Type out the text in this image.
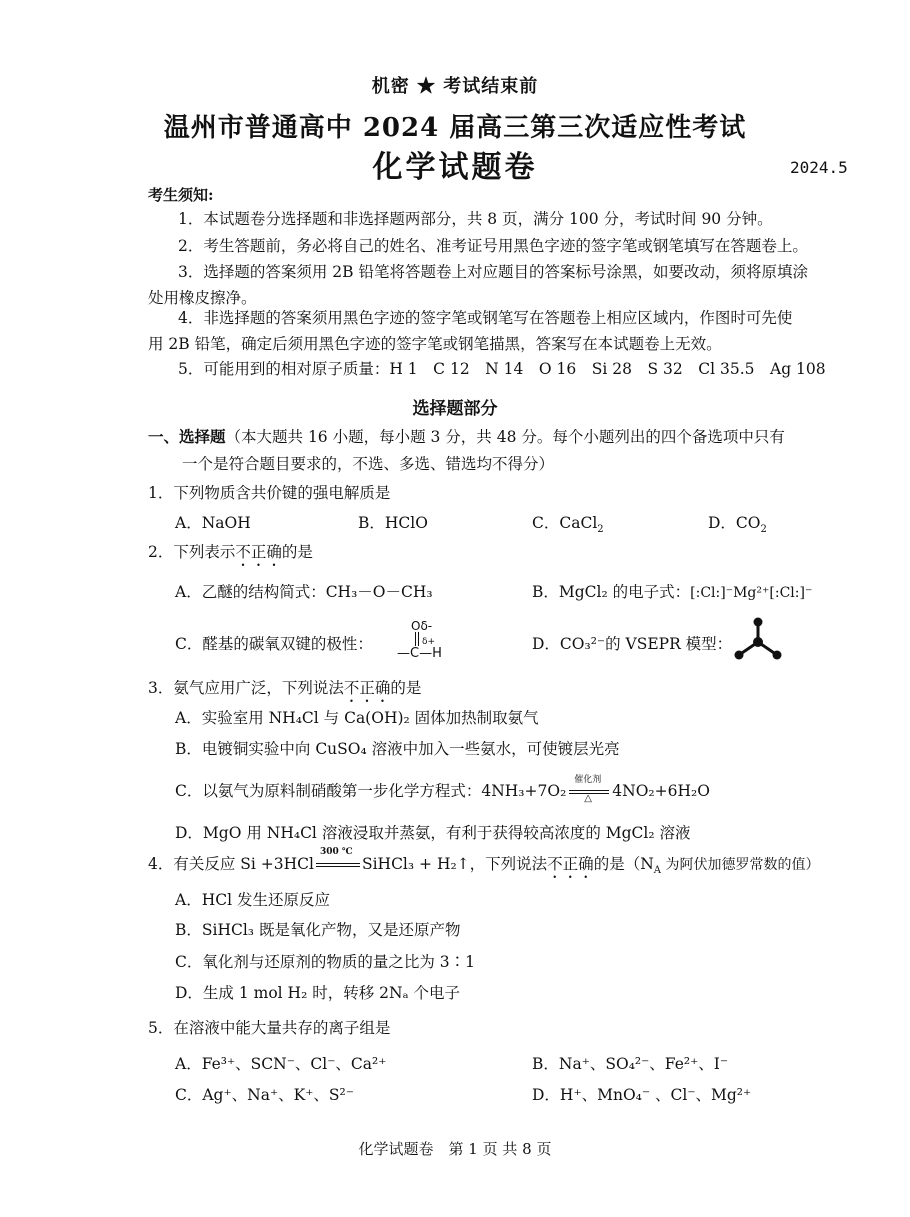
机密 ★ 考试结束前
温州市普通高中 2024 届高三第三次适应性考试
化学试题卷	2024.5
考生须知:
1．本试题卷分选择题和非选择题两部分，共 8 页，满分 100 分，考试时间 90 分钟。
2．考生答题前，务必将自己的姓名、准考证号用黑色字迹的签字笔或钢笔填写在答题卷上。
3．选择题的答案须用 2B 铅笔将答题卷上对应题目的答案标号涂黑，如要改动，须将原填涂
处用橡皮擦净。
4．非选择题的答案须用黑色字迹的签字笔或钢笔写在答题卷上相应区域内，作图时可先使
用 2B 铅笔，确定后须用黑色字迹的签字笔或钢笔描黑，答案写在本试题卷上无效。
5．可能用到的相对原子质量：H 1　C 12　N 14　O 16　Si 28　S 32　Cl 35.5　Ag 108
选择题部分
一、选择题（本大题共 16 小题，每小题 3 分，共 48 分。每个小题列出的四个备选项中只有
一个是符合题目要求的，不选、多选、错选均不得分）
1．下列物质含共价键的强电解质是
A．NaOH	B．HClO	C．CaCl$_2$	D．$CO_2$
2．下列表示不正确的是
A．乙醚的结构简式：CH₃－O－CH₃	B．MgCl₂ 的电子式：[:Cl:]⁻Mg²⁺[:Cl:]⁻
C．醛基的碳氧双键的极性：
Oδ-
δ+
—C—H
D．CO₃²⁻的 VSEPR 模型：
3．氨气应用广泛，下列说法不正确的是
A．实验室用 NH₄Cl 与 Ca(OH)₂ 固体加热制取氨气
B．电镀铜实验中向 CuSO₄ 溶液中加入一些氨水，可使镀层光亮
C．以氨气为原料制硝酸第一步化学方程式：4NH₃+7O₂
催化剂
△ 4NO₂+6H₂O
D．MgO 用 NH₄Cl 溶液浸取并蒸氨，有利于获得较高浓度的 MgCl₂ 溶液
4．有关反应 Si +3HCl
300 ℃
SiHCl₃ + H₂↑，下列说法不正确的是（$N_A$ 为阿伏加德罗常数的值）
A．HCl 发生还原反应
B．SiHCl₃ 既是氧化产物，又是还原产物
C．氧化剂与还原剂的物质的量之比为 3∶1
D．生成 1 mol H₂ 时，转移 2Nₐ 个电子
5．在溶液中能大量共存的离子组是
A．Fe³⁺、SCN⁻、Cl⁻、Ca²⁺	B．Na⁺、SO₄²⁻、Fe²⁺、I⁻
C．Ag⁺、Na⁺、K⁺、S²⁻	D．H⁺、MnO₄⁻ 、Cl⁻、Mg²⁺
化学试题卷　第 1 页 共 8 页
